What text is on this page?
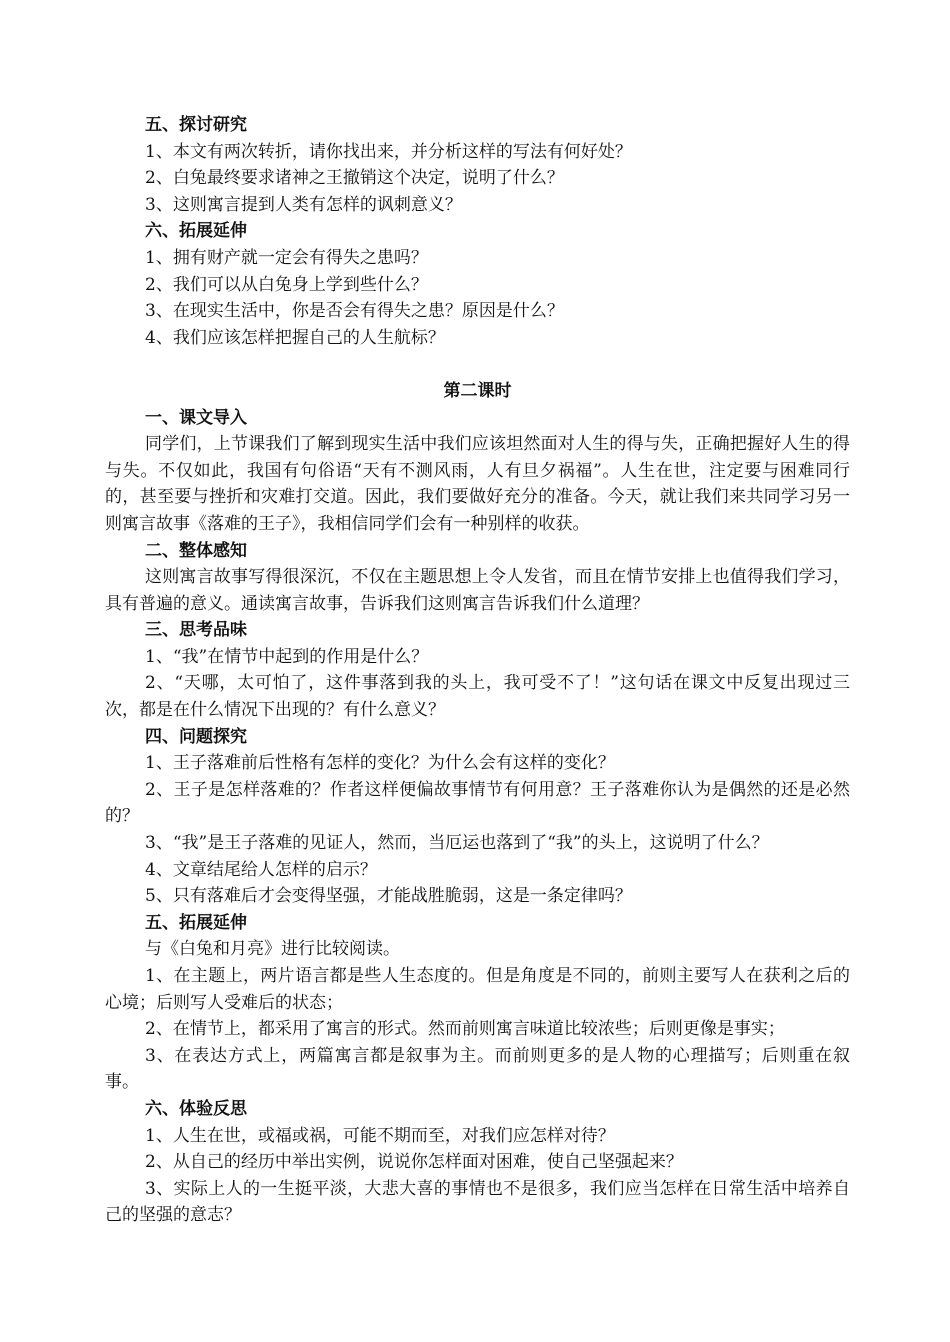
五、探讨研究

1、本文有两次转折，请你找出来，并分析这样的写法有何好处？

2、白兔最终要求诸神之王撤销这个决定，说明了什么？

3、这则寓言提到人类有怎样的讽刺意义？

六、拓展延伸

1、拥有财产就一定会有得失之患吗？

2、我们可以从白兔身上学到些什么？

3、在现实生活中，你是否会有得失之患？原因是什么？

4、我们应该怎样把握自己的人生航标？

第二课时

一、课文导入

同学们，上节课我们了解到现实生活中我们应该坦然面对人生的得与失，正确把握好人生的得与失。不仅如此，我国有句俗语“天有不测风雨，人有旦夕祸福”。人生在世，注定要与困难同行的，甚至要与挫折和灾难打交道。因此，我们要做好充分的准备。今天，就让我们来共同学习另一则寓言故事《落难的王子》，我相信同学们会有一种别样的收获。

二、整体感知

这则寓言故事写得很深沉，不仅在主题思想上令人发省，而且在情节安排上也值得我们学习，具有普遍的意义。通读寓言故事，告诉我们这则寓言告诉我们什么道理？

三、思考品味

1、“我”在情节中起到的作用是什么？

2、“天哪，太可怕了，这件事落到我的头上，我可受不了！”这句话在课文中反复出现过三次，都是在什么情况下出现的？有什么意义？

四、问题探究

1、王子落难前后性格有怎样的变化？为什么会有这样的变化？

2、王子是怎样落难的？作者这样便偏故事情节有何用意？王子落难你认为是偶然的还是必然的？

3、“我”是王子落难的见证人，然而，当厄运也落到了“我”的头上，这说明了什么？

4、文章结尾给人怎样的启示？

5、只有落难后才会变得坚强，才能战胜脆弱，这是一条定律吗？

五、拓展延伸

与《白兔和月亮》进行比较阅读。

1、在主题上，两片语言都是些人生态度的。但是角度是不同的，前则主要写人在获利之后的心境；后则写人受难后的状态；

2、在情节上，都采用了寓言的形式。然而前则寓言味道比较浓些；后则更像是事实；

3、在表达方式上，两篇寓言都是叙事为主。而前则更多的是人物的心理描写；后则重在叙事。

六、体验反思

1、人生在世，或福或祸，可能不期而至，对我们应怎样对待？

2、从自己的经历中举出实例，说说你怎样面对困难，使自己坚强起来？

3、实际上人的一生挺平淡，大悲大喜的事情也不是很多，我们应当怎样在日常生活中培养自己的坚强的意志？
